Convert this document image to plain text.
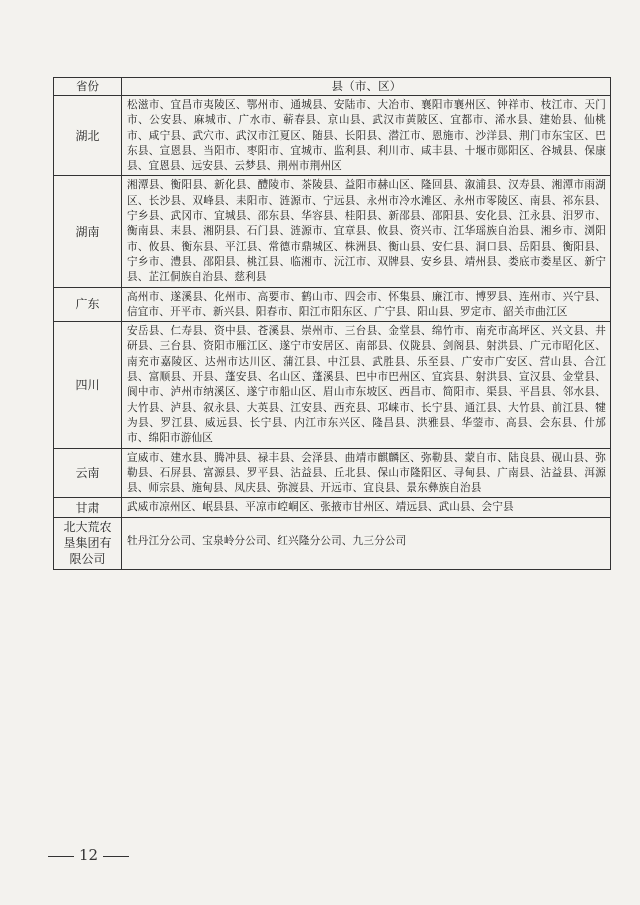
省份	县（市、区）
湖北
松滋市、宜昌市夷陵区、鄂州市、通城县、安陆市、大冶市、襄阳市襄州区、钟祥市、枝江市、天门市、公安县、麻城市、广水市、蕲春县、京山县、武汉市黄陂区、宜都市、浠水县、建始县、仙桃市、咸宁县、武穴市、武汉市江夏区、随县、长阳县、潜江市、恩施市、沙洋县、荆门市东宝区、巴东县、宣恩县、当阳市、枣阳市、宜城市、监利县、利川市、咸丰县、十堰市郧阳区、谷城县、保康县、宜恩县、远安县、云梦县、荆州市荆州区
湖南
湘潭县、衡阳县、新化县、醴陵市、茶陵县、益阳市赫山区、隆回县、溆浦县、汉寿县、湘潭市雨湖区、长沙县、双峰县、耒阳市、涟源市、宁远县、永州市冷水滩区、永州市零陵区、南县、祁东县、宁乡县、武冈市、宜城县、邵东县、华容县、桂阳县、新邵县、邵阳县、安化县、江永县、汨罗市、衡南县、耒县、湘阴县、石门县、涟源市、宜章县、攸县、资兴市、江华瑶族自治县、湘乡市、浏阳市、攸县、衡东县、平江县、常德市鼎城区、株洲县、衡山县、安仁县、洞口县、岳阳县、衡阳县、宁乡市、澧县、邵阳县、桃江县、临湘市、沅江市、双牌县、安乡县、靖州县、娄底市娄星区、新宁县、芷江侗族自治县、慈利县
广东
高州市、遂溪县、化州市、高要市、鹤山市、四会市、怀集县、廉江市、博罗县、连州市、兴宁县、信宜市、开平市、新兴县、阳春市、阳江市阳东区、广宁县、阳山县、罗定市、韶关市曲江区
四川
安岳县、仁寿县、资中县、苍溪县、崇州市、三台县、金堂县、绵竹市、南充市高坪区、兴文县、井研县、三台县、资阳市雁江区、遂宁市安居区、南部县、仪陇县、剑阁县、射洪县、广元市昭化区、南充市嘉陵区、达州市达川区、蒲江县、中江县、武胜县、乐至县、广安市广安区、营山县、合江县、富顺县、开县、蓬安县、名山区、蓬溪县、巴中市巴州区、宜宾县、射洪县、宣汉县、金堂县、阆中市、泸州市纳溪区、遂宁市船山区、眉山市东坡区、西昌市、简阳市、渠县、平昌县、邻水县、大竹县、泸县、叙永县、大英县、江安县、西充县、邛崃市、长宁县、通江县、大竹县、前江县、犍为县、罗江县、威远县、长宁县、内江市东兴区、隆昌县、洪雅县、华蓥市、高县、会东县、什邡市、绵阳市游仙区
云南
宣威市、建水县、腾冲县、禄丰县、会泽县、曲靖市麒麟区、弥勒县、蒙自市、陆良县、砚山县、弥勒县、石屏县、富源县、罗平县、沾益县、丘北县、保山市隆阳区、寻甸县、广南县、沾益县、洱源县、师宗县、施甸县、凤庆县、弥渡县、开远市、宜良县、景东彝族自治县
甘肃	武威市凉州区、岷县县、平凉市崆峒区、张掖市甘州区、靖远县、武山县、会宁县
北大荒农垦集团有限公司
牡丹江分公司、宝泉岭分公司、红兴隆分公司、九三分公司
12
